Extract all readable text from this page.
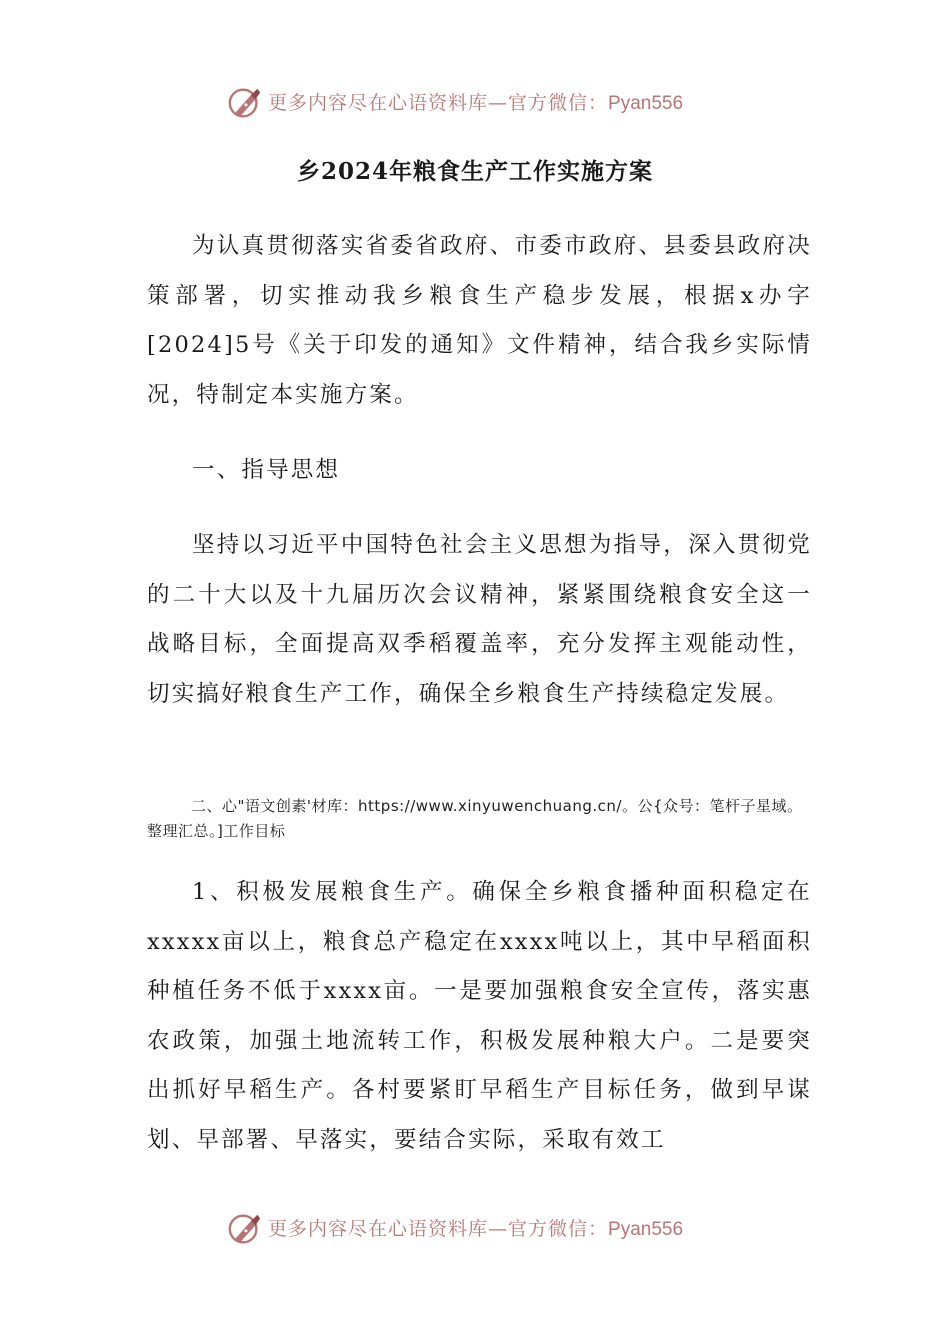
更多内容尽在心语资料库—官方微信：Pyan556
乡2024年粮食生产工作实施方案

为认真贯彻落实省委省政府、市委市政府、县委县政府决策部署，切实推动我乡粮食生产稳步发展，根据x办字[2024]5号《关于印发的通知》文件精神，结合我乡实际情况，特制定本实施方案。

一、指导思想

坚持以习近平中国特色社会主义思想为指导，深入贯彻党的二十大以及十九届历次会议精神，紧紧围绕粮食安全这一战略目标，全面提高双季稻覆盖率，充分发挥主观能动性，切实搞好粮食生产工作，确保全乡粮食生产持续稳定发展。

二、心"语文创素'材库：https://www.xinyuwenchuang.cn/。公{众号：笔杆子星域。整理汇总。]工作目标

1、积极发展粮食生产。确保全乡粮食播种面积稳定在xxxxx亩以上，粮食总产稳定在xxxx吨以上，其中早稻面积种植任务不低于xxxx亩。一是要加强粮食安全宣传，落实惠农政策，加强土地流转工作，积极发展种粮大户。二是要突出抓好早稻生产。各村要紧盯早稻生产目标任务，做到早谋划、早部署、早落实，要结合实际，采取有效工

更多内容尽在心语资料库—官方微信：Pyan556
